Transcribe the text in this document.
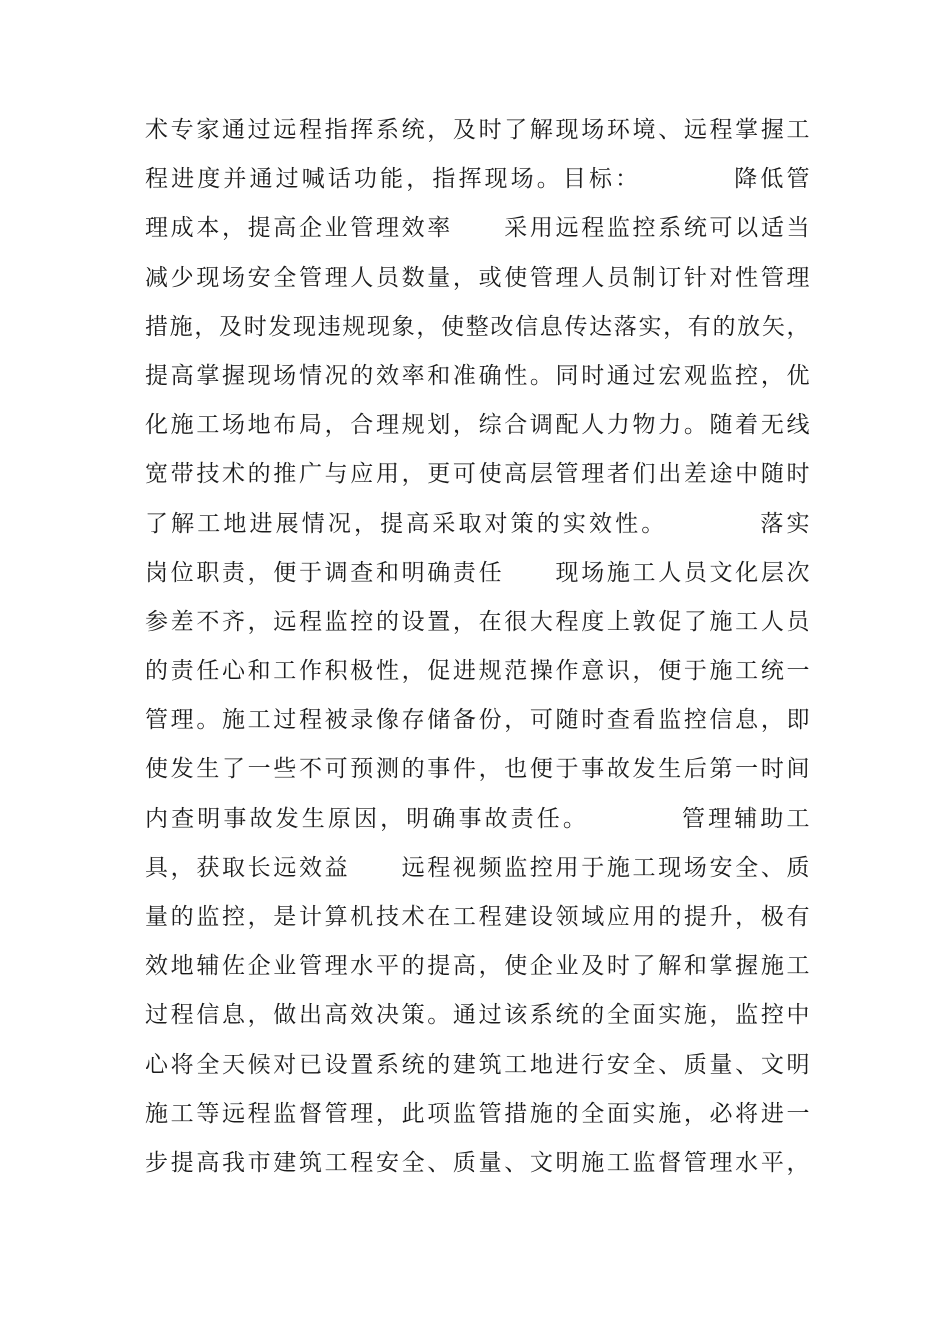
术专家通过远程指挥系统，及时了解现场环境、远程掌握工
程进度并通过喊话功能，指挥现场。目标：　　　　降低管
理成本，提高企业管理效率　　采用远程监控系统可以适当
减少现场安全管理人员数量，或使管理人员制订针对性管理
措施，及时发现违规现象，使整改信息传达落实，有的放矢，
提高掌握现场情况的效率和准确性。同时通过宏观监控，优
化施工场地布局，合理规划，综合调配人力物力。随着无线
宽带技术的推广与应用，更可使高层管理者们出差途中随时
了解工地进展情况，提高采取对策的实效性。　　　　落实
岗位职责，便于调查和明确责任　　现场施工人员文化层次
参差不齐，远程监控的设置，在很大程度上敦促了施工人员
的责任心和工作积极性，促进规范操作意识，便于施工统一
管理。施工过程被录像存储备份，可随时查看监控信息，即
使发生了一些不可预测的事件，也便于事故发生后第一时间
内查明事故发生原因，明确事故责任。　　　　管理辅助工
具，获取长远效益　　远程视频监控用于施工现场安全、质
量的监控，是计算机技术在工程建设领域应用的提升，极有
效地辅佐企业管理水平的提高，使企业及时了解和掌握施工
过程信息，做出高效决策。通过该系统的全面实施，监控中
心将全天候对已设置系统的建筑工地进行安全、质量、文明
施工等远程监督管理，此项监管措施的全面实施，必将进一
步提高我市建筑工程安全、质量、文明施工监督管理水平，
